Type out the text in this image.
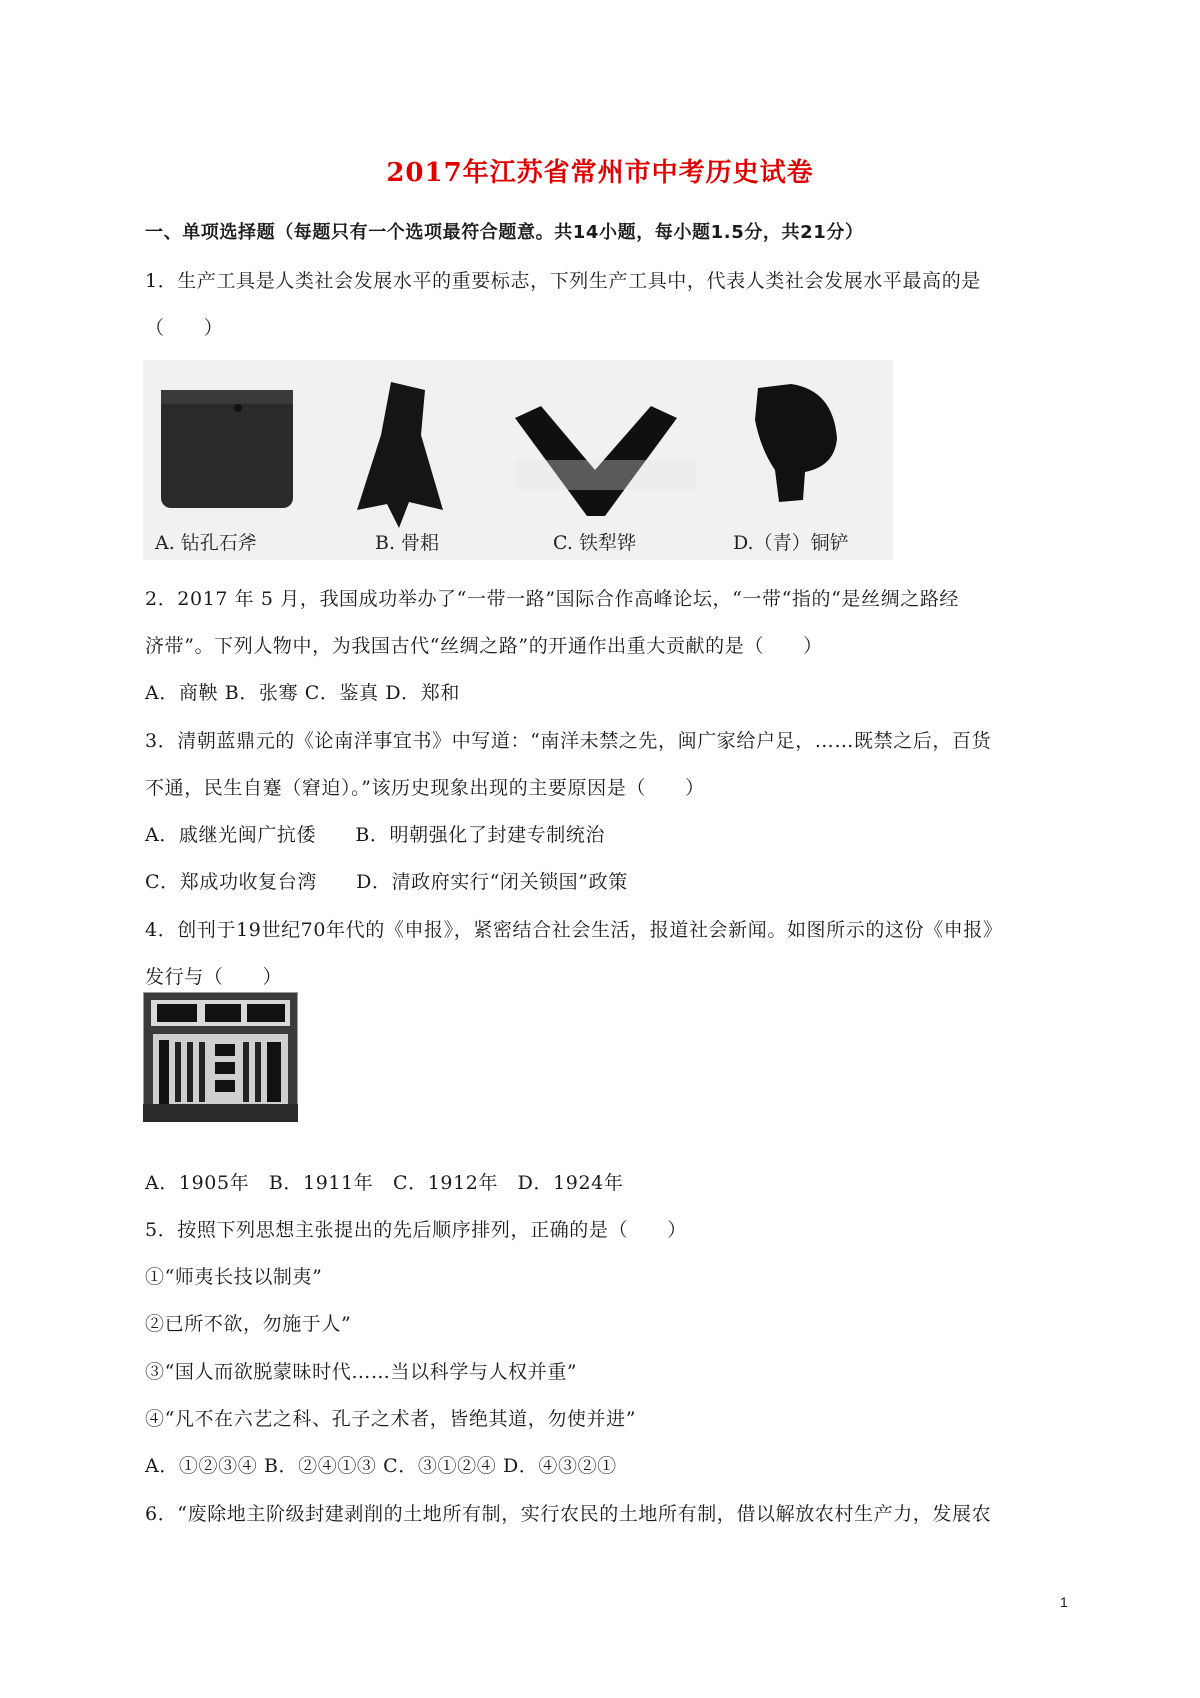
2017年江苏省常州市中考历史试卷
一、单项选择题（每题只有一个选项最符合题意。共14小题，每小题1.5分，共21分）
1．生产工具是人类社会发展水平的重要标志，下列生产工具中，代表人类社会发展水平最高的是
（　　）
A. 钻孔石斧	B. 骨耜	C. 铁犁铧	D.（青）铜铲
2．2017 年 5 月，我国成功举办了“一带一路”国际合作高峰论坛，“一带“指的“是丝绸之路经
济带”。下列人物中，为我国古代“丝绸之路”的开通作出重大贡献的是（　　）
A．商鞅 B．张骞 C．鉴真 D．郑和
3．清朝蓝鼎元的《论南洋事宜书》中写道：“南洋未禁之先，闽广家给户足，……既禁之后，百货
不通，民生自蹇（窘迫）。”该历史现象出现的主要原因是（　　）
A．戚继光闽广抗倭　　B．明朝强化了封建专制统治
C．郑成功收复台湾　　D．清政府实行“闭关锁国”政策
4．创刊于19世纪70年代的《申报》，紧密结合社会生活，报道社会新闻。如图所示的这份《申报》
发行与（　　）
A．1905年　B．1911年　C．1912年　D．1924年
5．按照下列思想主张提出的先后顺序排列，正确的是（　　）
①“师夷长技以制夷”
②已所不欲，勿施于人”
③“国人而欲脱蒙昧时代……当以科学与人权并重”
④“凡不在六艺之科、孔子之术者，皆绝其道，勿使并进”
A．①②③④ B．②④①③ C．③①②④ D．④③②①
6．“废除地主阶级封建剥削的土地所有制，实行农民的土地所有制，借以解放农村生产力，发展农
1
